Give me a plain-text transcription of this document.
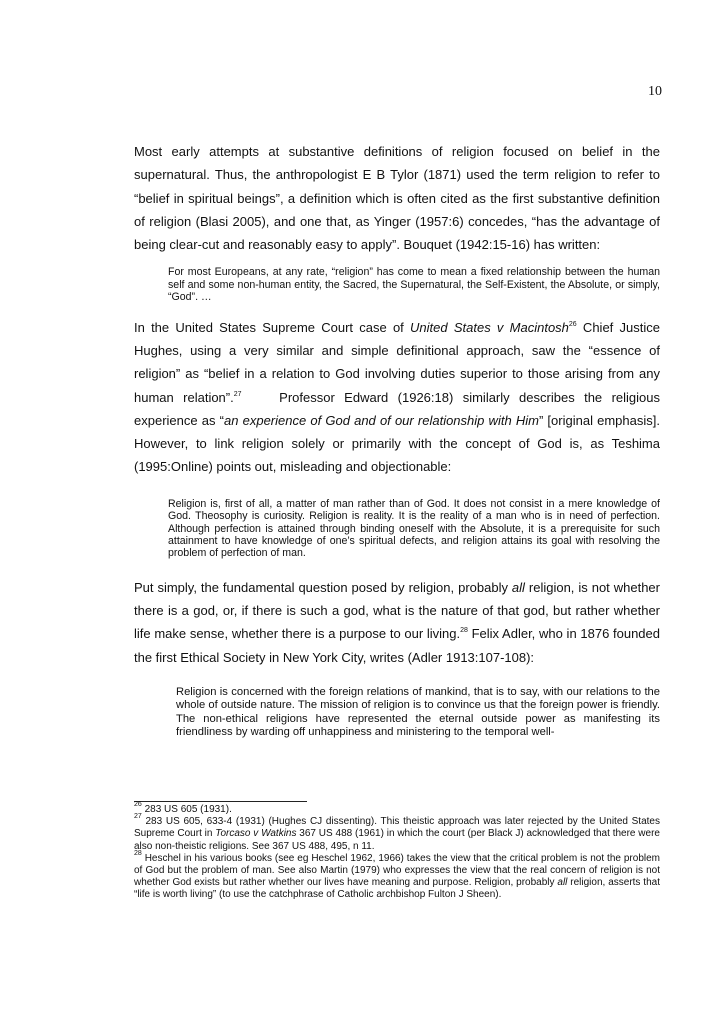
10

Most early attempts at substantive definitions of religion focused on belief in the supernatural. Thus, the anthropologist E B Tylor (1871) used the term religion to refer to “belief in spiritual beings”, a definition which is often cited as the first substantive definition of religion (Blasi 2005), and one that, as Yinger (1957:6) concedes, “has the advantage of being clear-cut and reasonably easy to apply”. Bouquet (1942:15-16) has written:

For most Europeans, at any rate, “religion” has come to mean a fixed relationship between the human self and some non-human entity, the Sacred, the Supernatural, the Self-Existent, the Absolute, or simply, “God”. …

In the United States Supreme Court case of United States v Macintosh$^{26}$ Chief Justice Hughes, using a very similar and simple definitional approach, saw the “essence of religion” as “belief in a relation to God involving duties superior to those arising from any human relation”.$^{27}$    Professor Edward (1926:18) similarly describes the religious experience as “an experience of God and of our relationship with Him” [original emphasis]. However, to link religion solely or primarily with the concept of God is, as Teshima (1995:Online) points out, misleading and objectionable:

Religion is, first of all, a matter of man rather than of God. It does not consist in a mere knowledge of God. Theosophy is curiosity. Religion is reality. It is the reality of a man who is in need of perfection. Although perfection is attained through binding oneself with the Absolute, it is a prerequisite for such attainment to have knowledge of one’s spiritual defects, and religion attains its goal with resolving the problem of perfection of man.

Put simply, the fundamental question posed by religion, probably all religion, is not whether there is a god, or, if there is such a god, what is the nature of that god, but rather whether life make sense, whether there is a purpose to our living.$^{28}$ Felix Adler, who in 1876 founded the first Ethical Society in New York City, writes (Adler 1913:107-108):

Religion is concerned with the foreign relations of mankind, that is to say, with our relations to the whole of outside nature. The mission of religion is to convince us that the foreign power is friendly. The non-ethical religions have represented the eternal outside power as manifesting its friendliness by warding off unhappiness and ministering to the temporal well-

$^{26}$ 283 US 605 (1931).

$^{27}$ 283 US 605, 633-4 (1931) (Hughes CJ dissenting). This theistic approach was later rejected by the United States Supreme Court in Torcaso v Watkins 367 US 488 (1961) in which the court (per Black J) acknowledged that there were also non-theistic religions. See 367 US 488, 495, n 11.

$^{28}$ Heschel in his various books (see eg Heschel 1962, 1966) takes the view that the critical problem is not the problem of God but the problem of man. See also Martin (1979) who expresses the view that the real concern of religion is not whether God exists but rather whether our lives have meaning and purpose. Religion, probably all religion, asserts that “life is worth living” (to use the catchphrase of Catholic archbishop Fulton J Sheen).
